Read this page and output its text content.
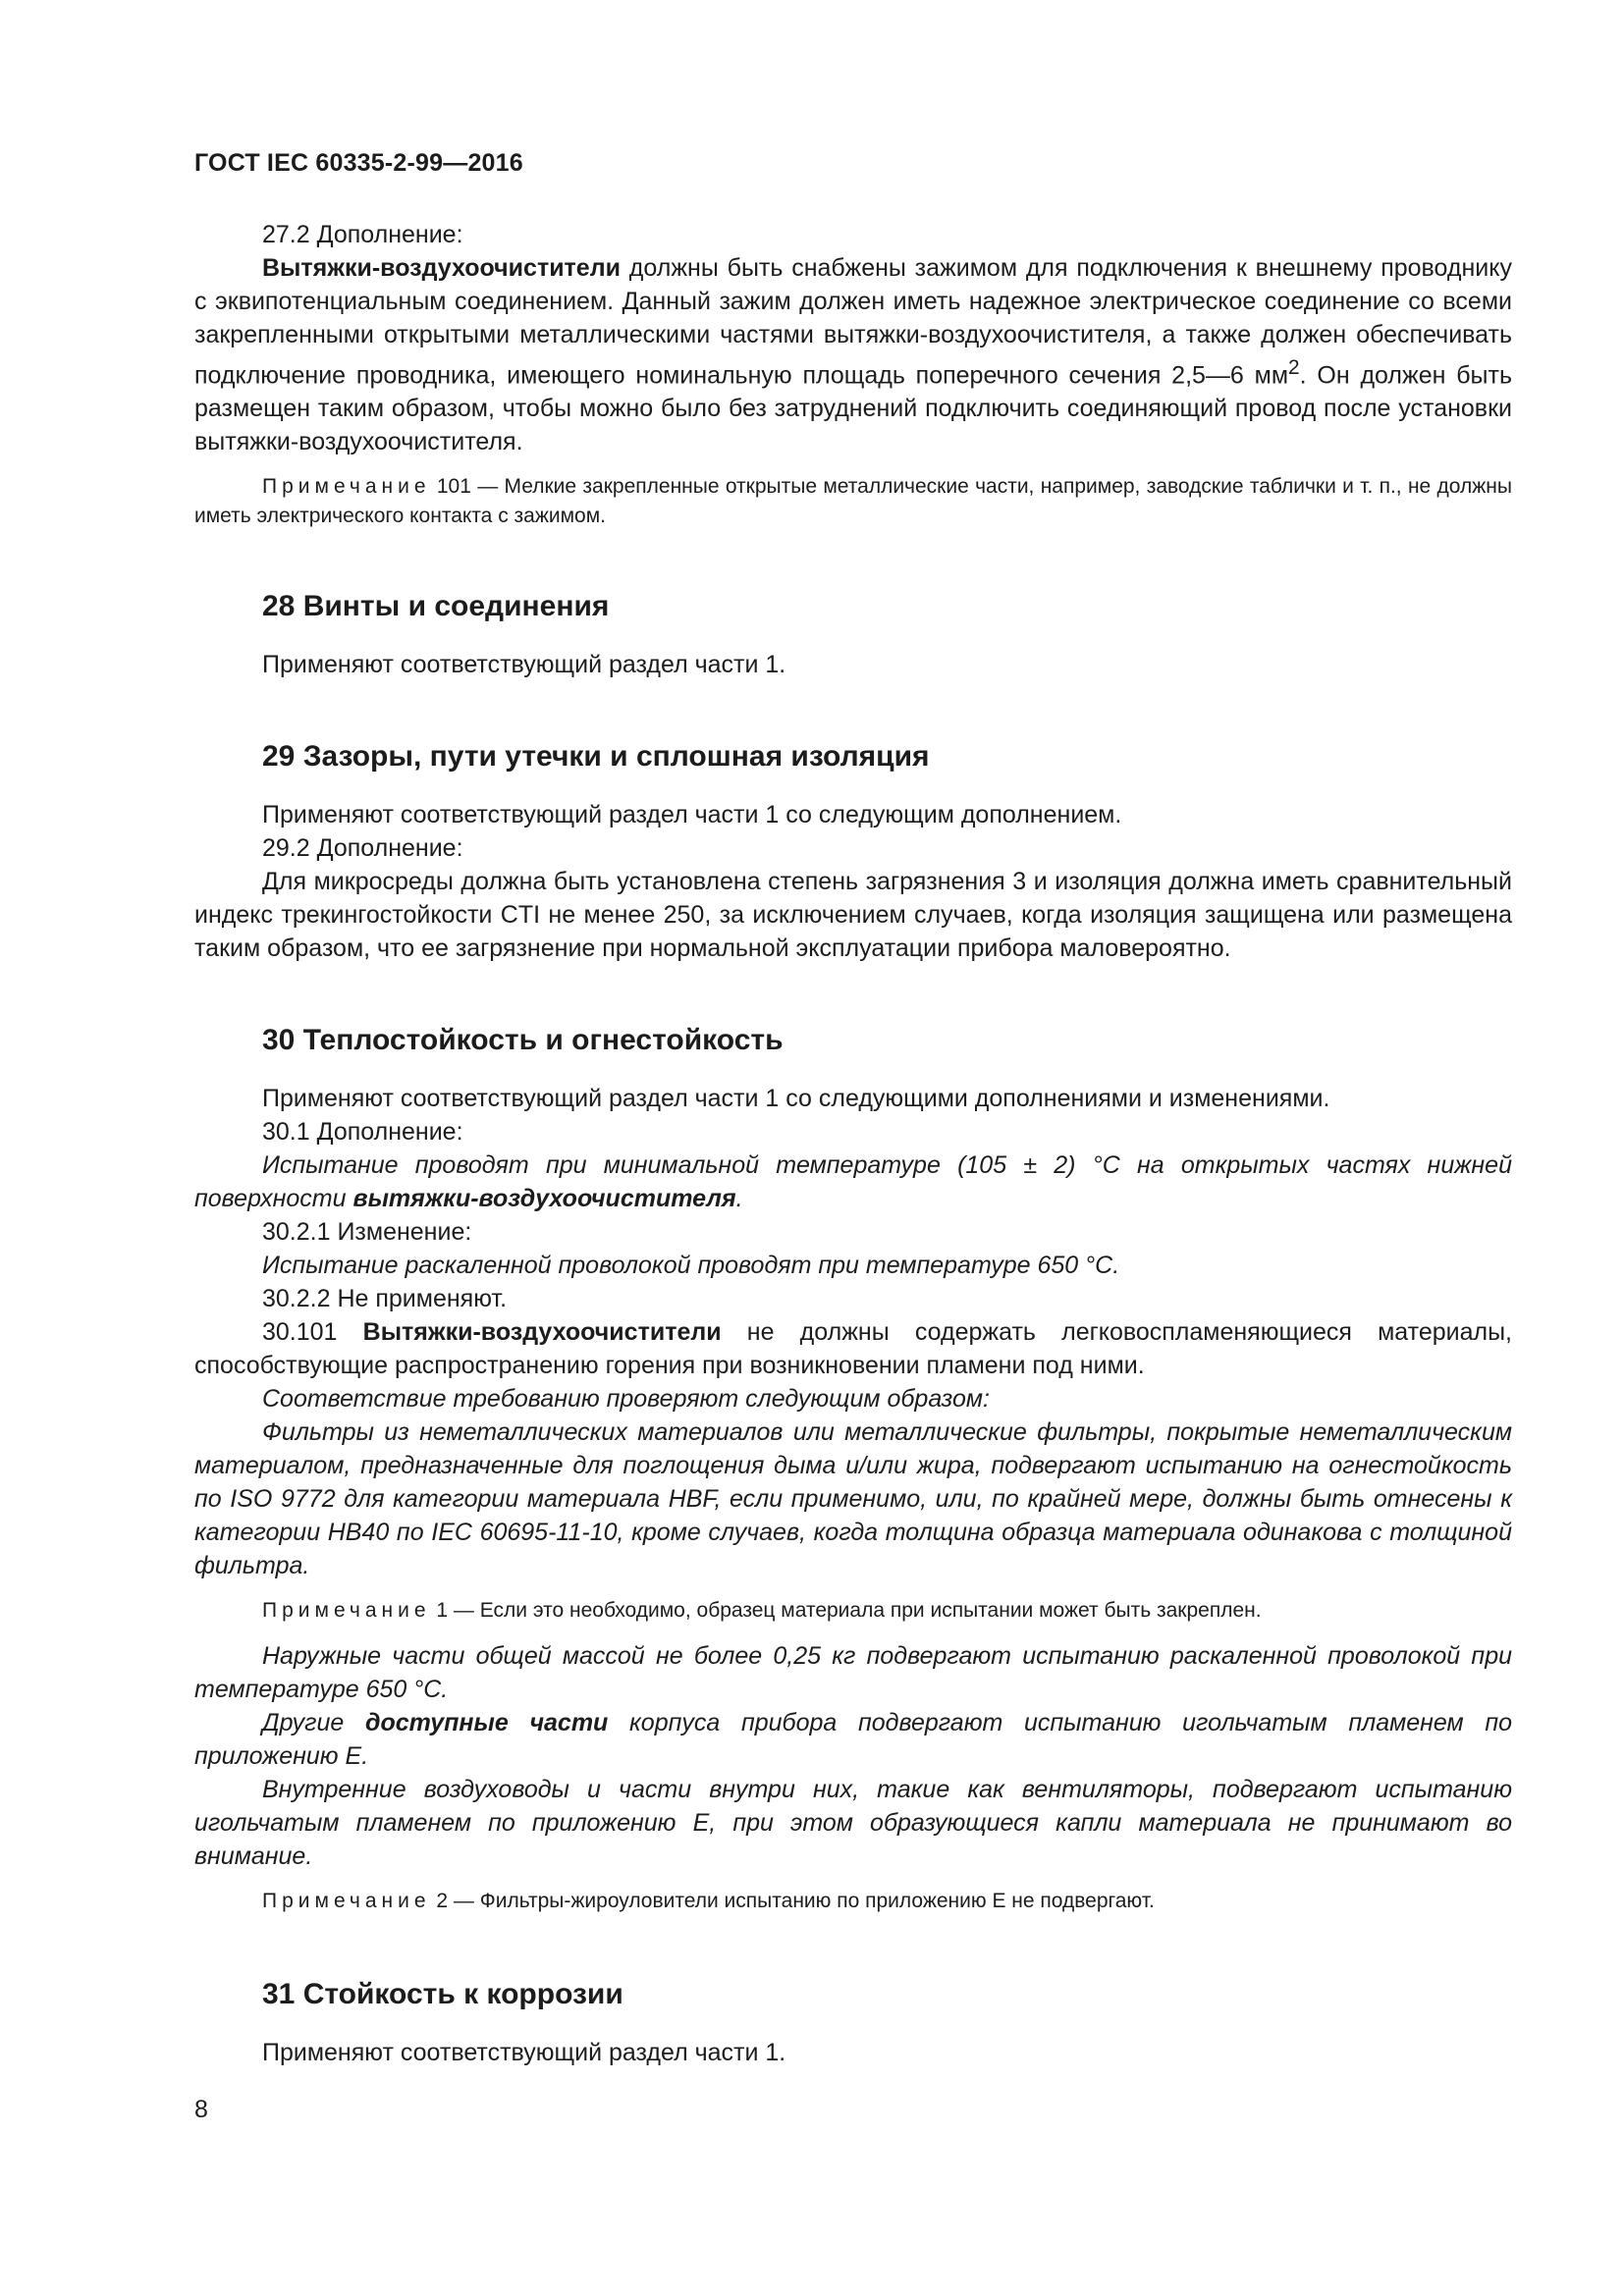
ГОСТ IEC 60335-2-99—2016

27.2 Дополнение:

Вытяжки-воздухоочистители должны быть снабжены зажимом для подключения к внешнему проводнику с эквипотенциальным соединением. Данный зажим должен иметь надежное электрическое соединение со всеми закрепленными открытыми металлическими частями вытяжки-воздухоочистителя, а также должен обеспечивать подключение проводника, имеющего номинальную площадь поперечного сечения 2,5—6 $мм^2$. Он должен быть размещен таким образом, чтобы можно было без затруднений подключить соединяющий провод после установки вытяжки-воздухоочистителя.

Примечание 101 — Мелкие закрепленные открытые металлические части, например, заводские таблички и т. п., не должны иметь электрического контакта с зажимом.

28 Винты и соединения

Применяют соответствующий раздел части 1.

29 Зазоры, пути утечки и сплошная изоляция

Применяют соответствующий раздел части 1 со следующим дополнением.

29.2 Дополнение:

Для микросреды должна быть установлена степень загрязнения 3 и изоляция должна иметь сравнительный индекс трекингостойкости CTI не менее 250, за исключением случаев, когда изоляция защищена или размещена таким образом, что ее загрязнение при нормальной эксплуатации прибора маловероятно.

30 Теплостойкость и огнестойкость

Применяют соответствующий раздел части 1 со следующими дополнениями и изменениями.

30.1 Дополнение:

Испытание проводят при минимальной температуре (105 ± 2) °C на открытых частях нижней поверхности вытяжки-воздухоочистителя.

30.2.1 Изменение:

Испытание раскаленной проволокой проводят при температуре 650 °С.

30.2.2 Не применяют.

30.101 Вытяжки-воздухоочистители не должны содержать легковоспламеняющиеся материалы, способствующие распространению горения при возникновении пламени под ними.

Соответствие требованию проверяют следующим образом:

Фильтры из неметаллических материалов или металлические фильтры, покрытые неметаллическим материалом, предназначенные для поглощения дыма и/или жира, подвергают испытанию на огнестойкость по ISO 9772 для категории материала HBF, если применимо, или, по крайней мере, должны быть отнесены к категории HB40 по IEC 60695-11-10, кроме случаев, когда толщина образца материала одинакова с толщиной фильтра.

Примечание 1 — Если это необходимо, образец материала при испытании может быть закреплен.

Наружные части общей массой не более 0,25 кг подвергают испытанию раскаленной проволокой при температуре 650 °С.

Другие доступные части корпуса прибора подвергают испытанию игольчатым пламенем по приложению Е.

Внутренние воздуховоды и части внутри них, такие как вентиляторы, подвергают испытанию игольчатым пламенем по приложению Е, при этом образующиеся капли материала не принимают во внимание.

Примечание 2 — Фильтры-жироуловители испытанию по приложению Е не подвергают.

31 Стойкость к коррозии

Применяют соответствующий раздел части 1.

8
